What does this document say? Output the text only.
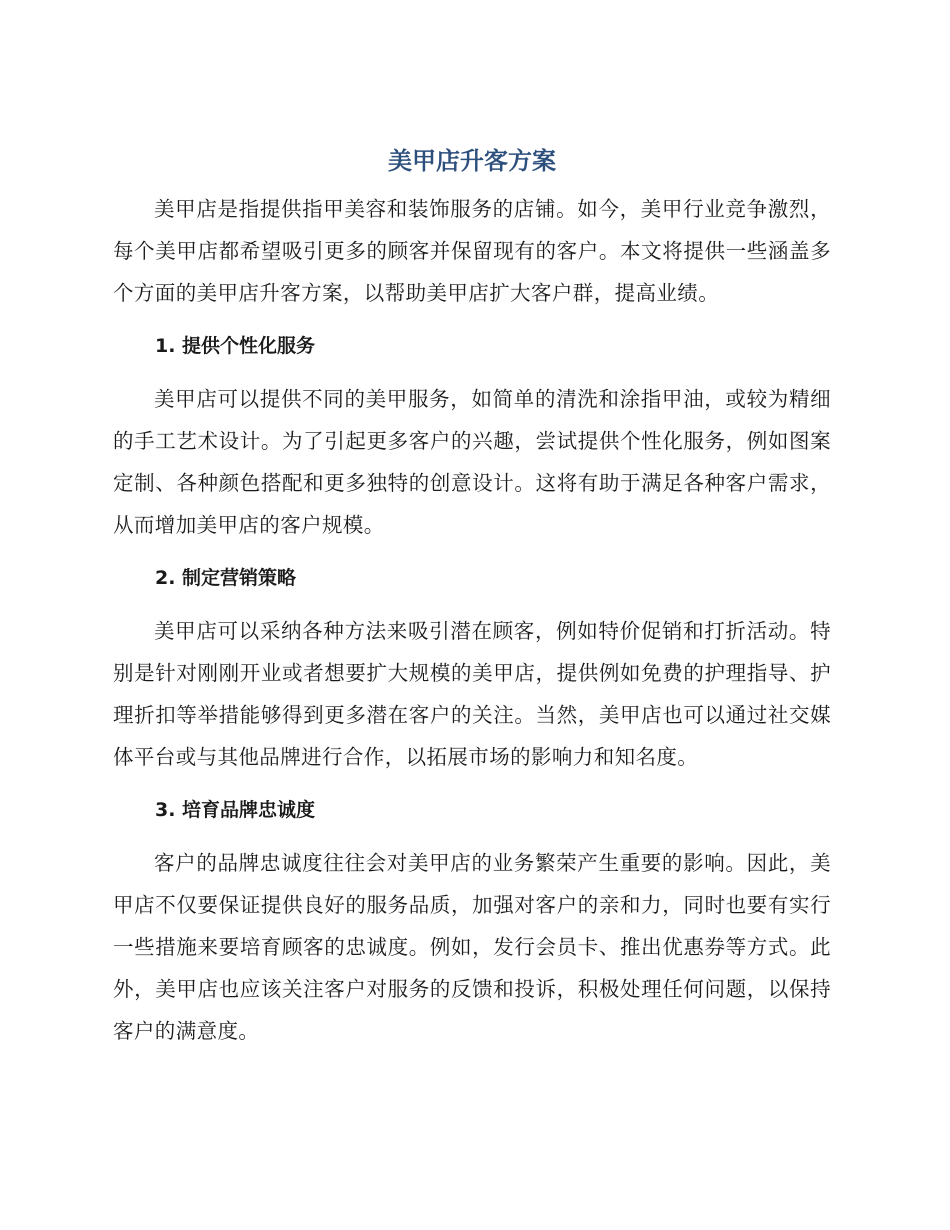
美甲店升客方案

美甲店是指提供指甲美容和装饰服务的店铺。如今，美甲行业竞争激烈，每个美甲店都希望吸引更多的顾客并保留现有的客户。本文将提供一些涵盖多个方面的美甲店升客方案，以帮助美甲店扩大客户群，提高业绩。

1. 提供个性化服务

美甲店可以提供不同的美甲服务，如简单的清洗和涂指甲油，或较为精细的手工艺术设计。为了引起更多客户的兴趣，尝试提供个性化服务，例如图案定制、各种颜色搭配和更多独特的创意设计。这将有助于满足各种客户需求，从而增加美甲店的客户规模。

2. 制定营销策略

美甲店可以采纳各种方法来吸引潜在顾客，例如特价促销和打折活动。特别是针对刚刚开业或者想要扩大规模的美甲店，提供例如免费的护理指导、护理折扣等举措能够得到更多潜在客户的关注。当然，美甲店也可以通过社交媒体平台或与其他品牌进行合作，以拓展市场的影响力和知名度。

3. 培育品牌忠诚度

客户的品牌忠诚度往往会对美甲店的业务繁荣产生重要的影响。因此，美甲店不仅要保证提供良好的服务品质，加强对客户的亲和力，同时也要有实行一些措施来要培育顾客的忠诚度。例如，发行会员卡、推出优惠券等方式。此外，美甲店也应该关注客户对服务的反馈和投诉，积极处理任何问题，以保持客户的满意度。
